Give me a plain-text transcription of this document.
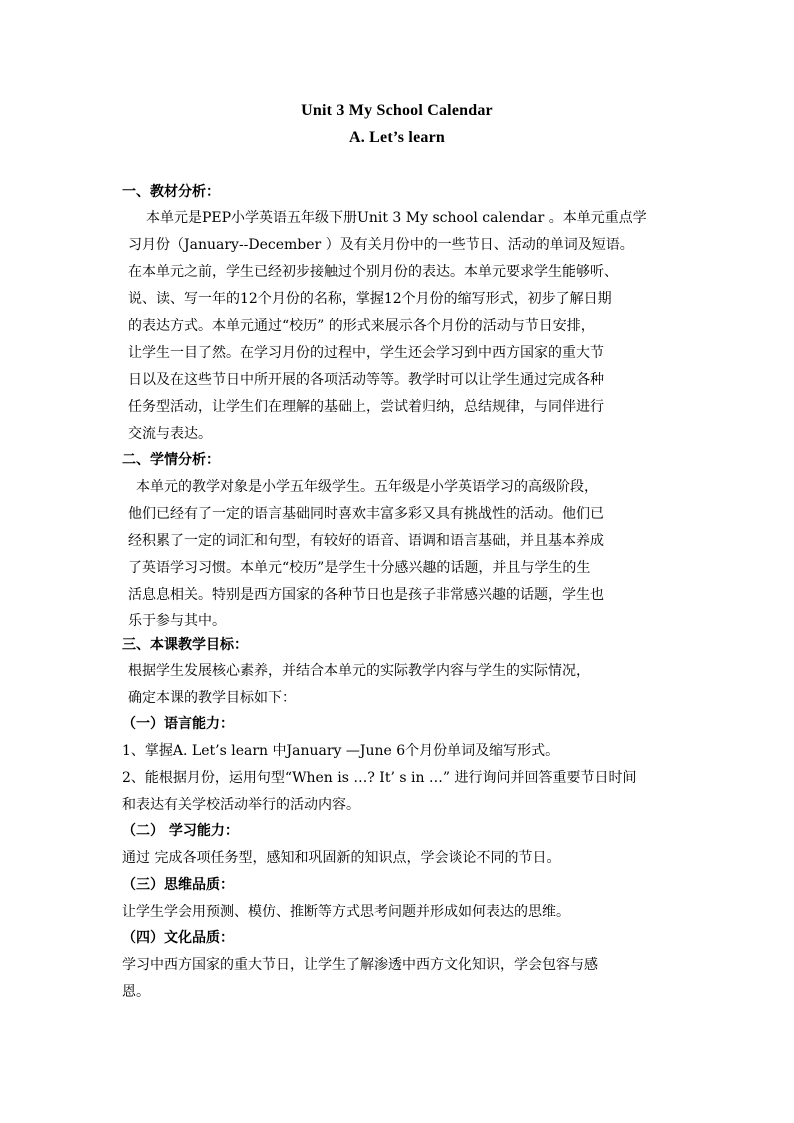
Unit 3 My School Calendar
A. Let’s learn
一、教材分析：
本单元是PEP小学英语五年级下册Unit 3 My school calendar 。本单元重点学
习月份（January--December ）及有关月份中的一些节日、活动的单词及短语。
在本单元之前，学生已经初步接触过个别月份的表达。本单元要求学生能够听、
说、读、写一年的12个月份的名称，掌握12个月份的缩写形式，初步了解日期
的表达方式。本单元通过“校历” 的形式来展示各个月份的活动与节日安排，
让学生一目了然。在学习月份的过程中，学生还会学习到中西方国家的重大节
日以及在这些节日中所开展的各项活动等等。教学时可以让学生通过完成各种
任务型活动，让学生们在理解的基础上，尝试着归纳，总结规律，与同伴进行
交流与表达。
二、学情分析：
本单元的教学对象是小学五年级学生。五年级是小学英语学习的高级阶段，
他们已经有了一定的语言基础同时喜欢丰富多彩又具有挑战性的活动。他们已
经积累了一定的词汇和句型，有较好的语音、语调和语言基础，并且基本养成
了英语学习习惯。本单元“校历”是学生十分感兴趣的话题，并且与学生的生
活息息相关。特别是西方国家的各种节日也是孩子非常感兴趣的话题，学生也
乐于参与其中。
三、本课教学目标：
根据学生发展核心素养，并结合本单元的实际教学内容与学生的实际情况，
确定本课的教学目标如下：
（一）语言能力：
1、掌握A. Let’s learn 中January —June 6个月份单词及缩写形式。
2、能根据月份，运用句型“When is …? It’ s in …” 进行询问并回答重要节日时间
和表达有关学校活动举行的活动内容。
（二） 学习能力：
通过 完成各项任务型，感知和巩固新的知识点，学会谈论不同的节日。
（三）思维品质：
让学生学会用预测、模仿、推断等方式思考问题并形成如何表达的思维。
（四）文化品质：
学习中西方国家的重大节日，让学生了解渗透中西方文化知识，学会包容与感
恩。
